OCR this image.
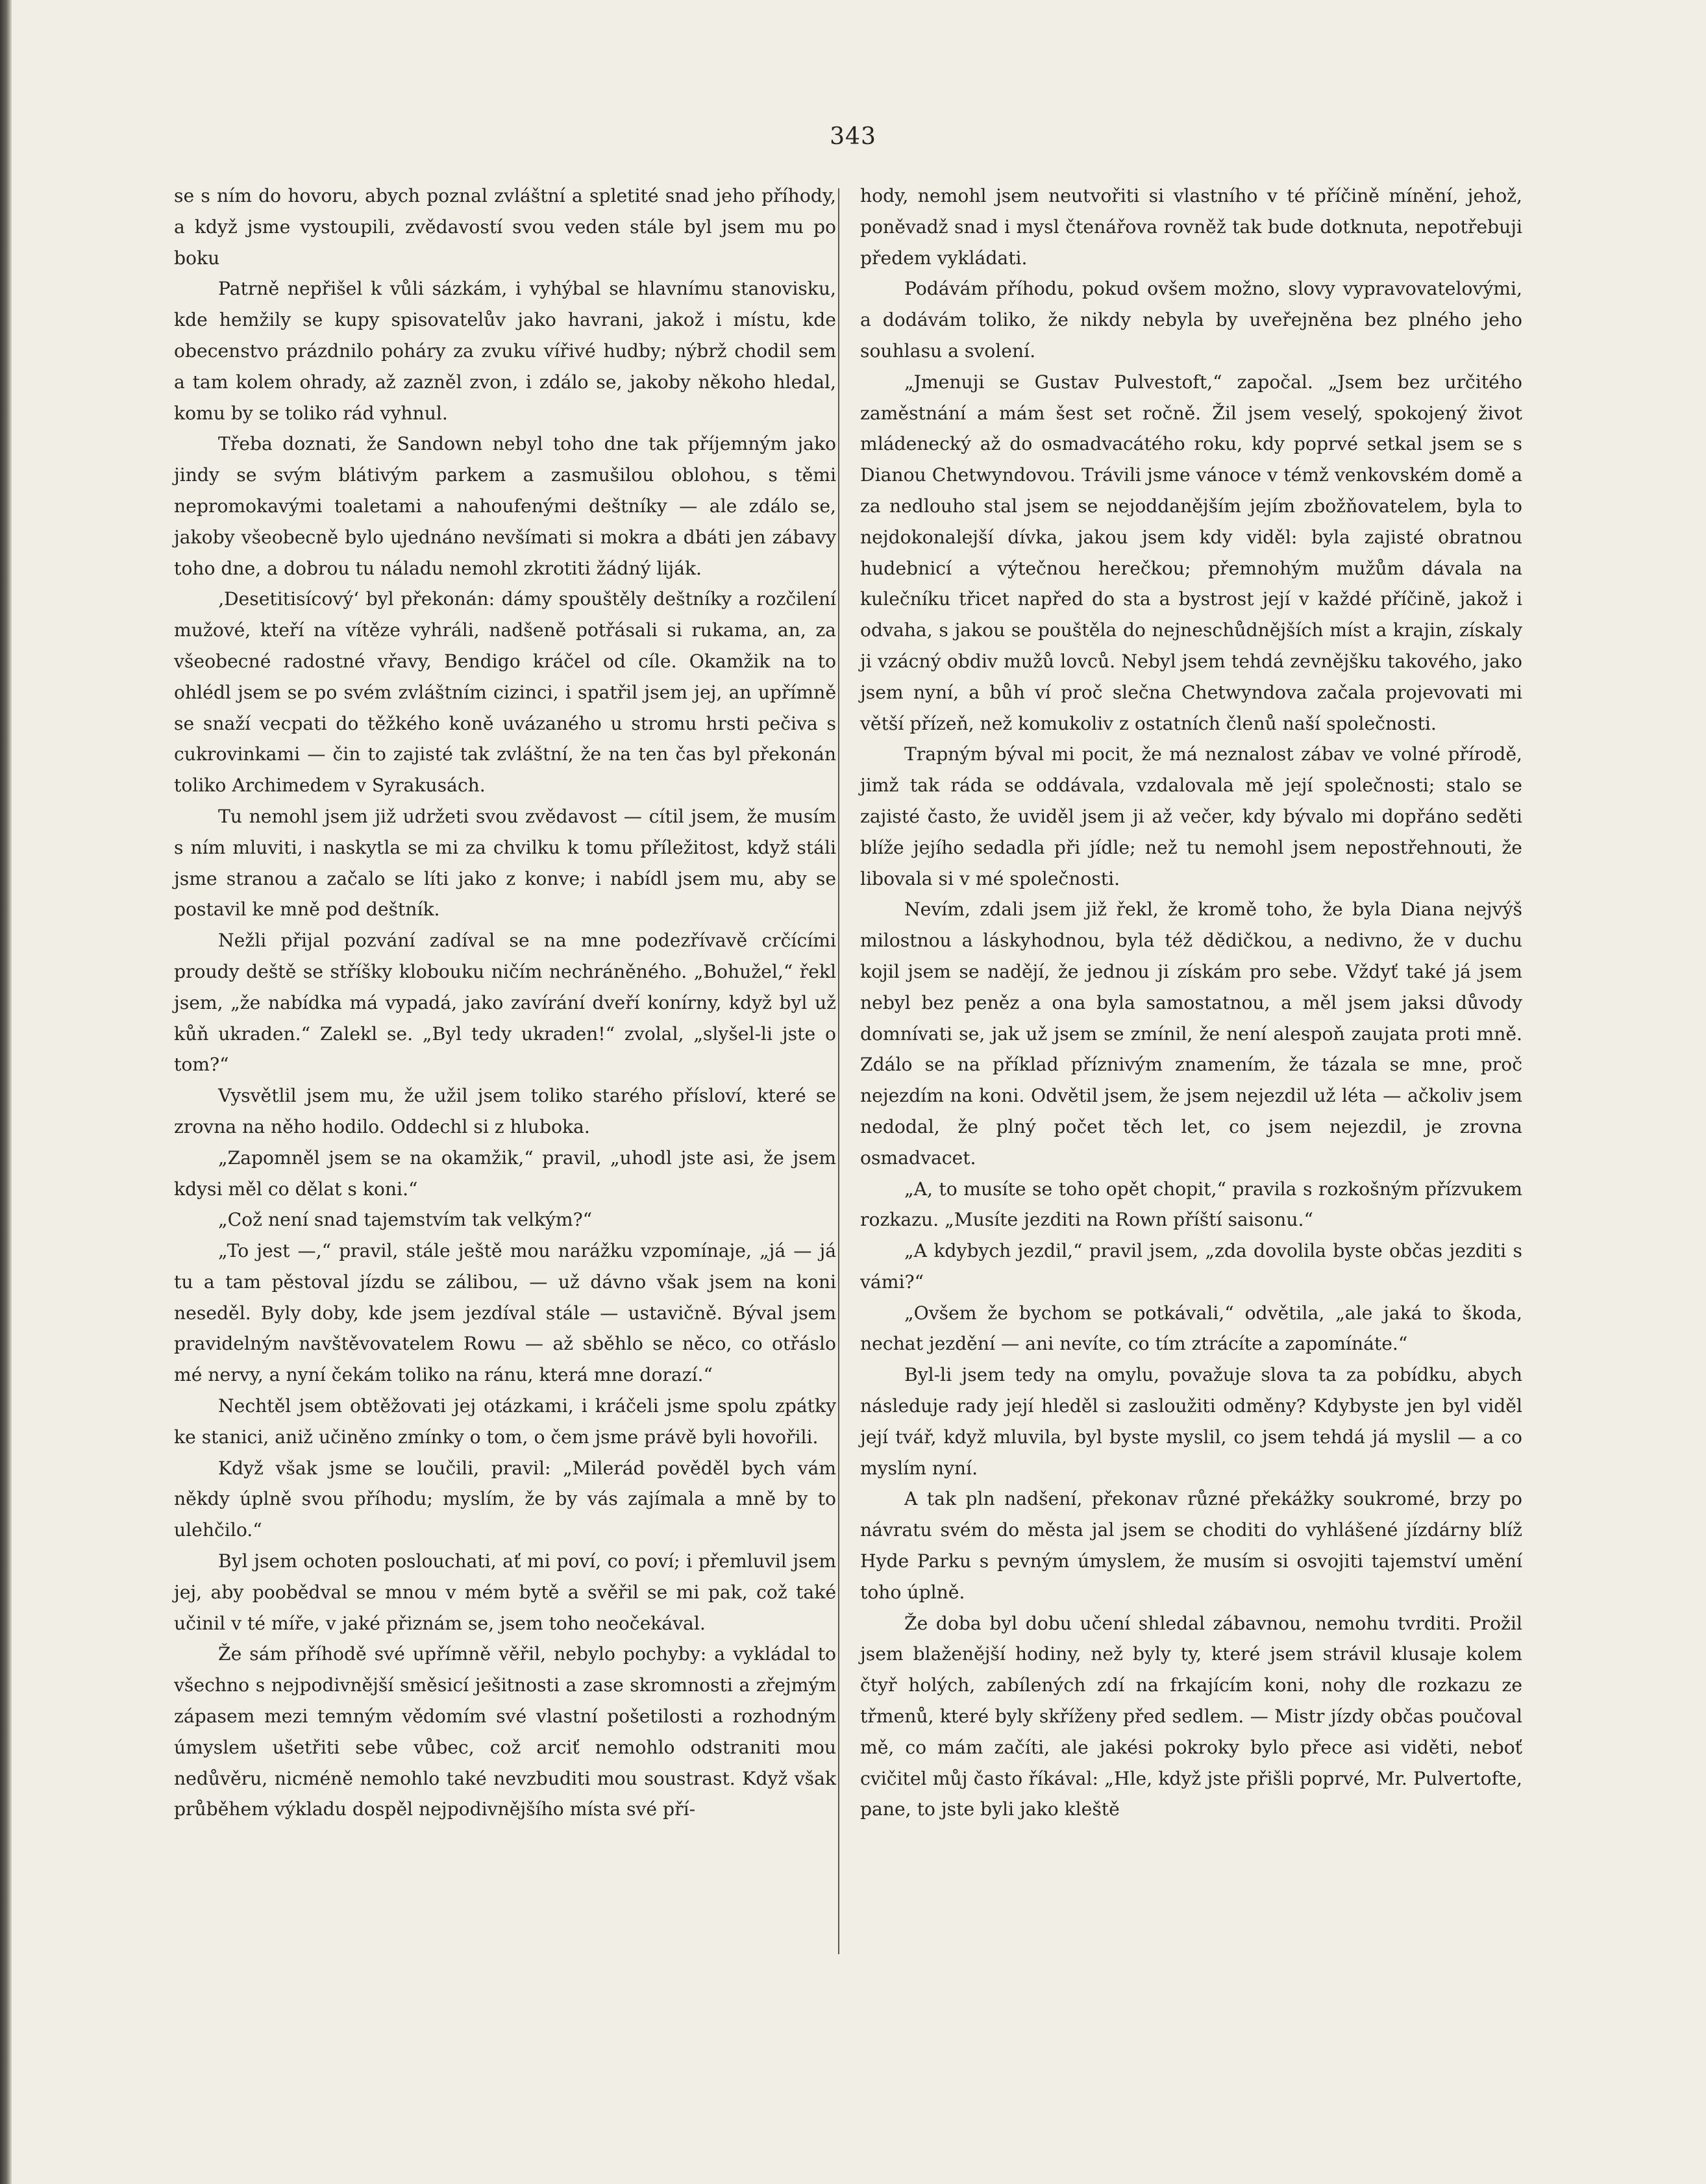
343

se s ním do hovoru, abych poznal zvláštní a spletité snad jeho příhody, a když jsme vystoupili, zvědavostí svou veden stále byl jsem mu po boku

Patrně nepřišel k vůli sázkám, i vyhýbal se hlavnímu stanovisku, kde hemžily se kupy spisovatelův jako havrani, jakož i místu, kde obecenstvo prázdnilo poháry za zvuku vířivé hudby; nýbrž chodil sem a tam kolem ohrady, až zazněl zvon, i zdálo se, jakoby někoho hledal, komu by se toliko rád vyhnul.

Třeba doznati, že Sandown nebyl toho dne tak příjemným jako jindy se svým blátivým parkem a zasmušilou oblohou, s těmi nepromokavými toaletami a nahoufenými deštníky — ale zdálo se, jakoby všeobecně bylo ujednáno nevšímati si mokra a dbáti jen zábavy toho dne, a dobrou tu náladu nemohl zkrotiti žádný liják.

‚Desetitisícový‘ byl překonán: dámy spouštěly deštníky a rozčilení mužové, kteří na vítěze vyhráli, nadšeně potřásali si rukama, an, za všeobecné radostné vřavy, Bendigo kráčel od cíle. Okamžik na to ohlédl jsem se po svém zvláštním cizinci, i spatřil jsem jej, an upřímně se snaží vecpati do těžkého koně uvázaného u stromu hrsti pečiva s cukrovinkami — čin to zajisté tak zvláštní, že na ten čas byl překonán toliko Archimedem v Syrakusách.

Tu nemohl jsem již udržeti svou zvědavost — cítil jsem, že musím s ním mluviti, i naskytla se mi za chvilku k tomu příležitost, když stáli jsme stranou a začalo se líti jako z konve; i nabídl jsem mu, aby se postavil ke mně pod deštník.

Nežli přijal pozvání zadíval se na mne podezřívavě crčícími proudy deště se stříšky klobouku ničím nechráněného. „Bohužel,“ řekl jsem, „že nabídka má vypadá, jako zavírání dveří konírny, když byl už kůň ukraden.“ Zalekl se. „Byl tedy ukraden!“ zvolal, „slyšel-li jste o tom?“

Vysvětlil jsem mu, že užil jsem toliko starého přísloví, které se zrovna na něho hodilo. Oddechl si z hluboka.

„Zapomněl jsem se na okamžik,“ pravil, „uhodl jste asi, že jsem kdysi měl co dělat s koni.“

„Což není snad tajemstvím tak velkým?“

„To jest —,“ pravil, stále ještě mou narážku vzpomínaje, „já — já tu a tam pěstoval jízdu se zálibou, — už dávno však jsem na koni neseděl. Byly doby, kde jsem jezdíval stále — ustavičně. Býval jsem pravidelným navštěvovatelem Rowu — až sběhlo se něco, co otřáslo mé nervy, a nyní čekám toliko na ránu, která mne dorazí.“

Nechtěl jsem obtěžovati jej otázkami, i kráčeli jsme spolu zpátky ke stanici, aniž učiněno zmínky o tom, o čem jsme právě byli hovořili.

Když však jsme se loučili, pravil: „Milerád pověděl bych vám někdy úplně svou příhodu; myslím, že by vás zajímala a mně by to ulehčilo.“

Byl jsem ochoten poslouchati, ať mi poví, co poví; i přemluvil jsem jej, aby poobědval se mnou v mém bytě a svěřil se mi pak, což také učinil v té míře, v jaké přiznám se, jsem toho neočekával.

Že sám příhodě své upřímně věřil, nebylo pochyby: a vykládal to všechno s nejpodivnější směsicí ješitnosti a zase skromnosti a zřejmým zápasem mezi temným vědomím své vlastní pošetilosti a rozhodným úmyslem ušetřiti sebe vůbec, což arciť nemohlo odstraniti mou nedůvěru, nicméně nemohlo také nevzbuditi mou soustrast. Když však průběhem výkladu dospěl nejpodivnějšího místa své pří-

hody, nemohl jsem neutvořiti si vlastního v té příčině mínění, jehož, poněvadž snad i mysl čtenářova rovněž tak bude dotknuta, nepotřebuji předem vykládati.

Podávám příhodu, pokud ovšem možno, slovy vypravovatelovými, a dodávám toliko, že nikdy nebyla by uveřejněna bez plného jeho souhlasu a svolení.

„Jmenuji se Gustav Pulvestoft,“ započal. „Jsem bez určitého zaměstnání a mám šest set ročně. Žil jsem veselý, spokojený život mládenecký až do osmadvacátého roku, kdy poprvé setkal jsem se s Dianou Chetwyndovou. Trávili jsme vánoce v témž venkovském domě a za nedlouho stal jsem se nejoddanějším jejím zbožňovatelem, byla to nejdokonalejší dívka, jakou jsem kdy viděl: byla zajisté obratnou hudebnicí a výtečnou herečkou; přemnohým mužům dávala na kulečníku třicet napřed do sta a bystrost její v každé příčině, jakož i odvaha, s jakou se pouštěla do nejneschůdnějších míst a krajin, získaly ji vzácný obdiv mužů lovců. Nebyl jsem tehdá zevnějšku takového, jako jsem nyní, a bůh ví proč slečna Chetwyndova začala projevovati mi větší přízeň, než komukoliv z ostatních členů naší společnosti.

Trapným býval mi pocit, že má neznalost zábav ve volné přírodě, jimž tak ráda se oddávala, vzdalovala mě její společnosti; stalo se zajisté často, že uviděl jsem ji až večer, kdy bývalo mi dopřáno seděti blíže jejího sedadla při jídle; než tu nemohl jsem nepostřehnouti, že libovala si v mé společnosti.

Nevím, zdali jsem již řekl, že kromě toho, že byla Diana nejvýš milostnou a láskyhodnou, byla též dědičkou, a nedivno, že v duchu kojil jsem se nadějí, že jednou ji získám pro sebe. Vždyť také já jsem nebyl bez peněz a ona byla samostatnou, a měl jsem jaksi důvody domnívati se, jak už jsem se zmínil, že není alespoň zaujata proti mně. Zdálo se na příklad příznivým znamením, že tázala se mne, proč nejezdím na koni. Odvětil jsem, že jsem nejezdil už léta — ačkoliv jsem nedodal, že plný počet těch let, co jsem nejezdil, je zrovna osmadvacet.

„A, to musíte se toho opět chopit,“ pravila s rozkošným přízvukem rozkazu. „Musíte jezditi na Rown příští saisonu.“

„A kdybych jezdil,“ pravil jsem, „zda dovolila byste občas jezditi s vámi?“

„Ovšem že bychom se potkávali,“ odvětila, „ale jaká to škoda, nechat jezdění — ani nevíte, co tím ztrácíte a zapomínáte.“

Byl-li jsem tedy na omylu, považuje slova ta za pobídku, abych následuje rady její hleděl si zasloužiti odměny? Kdybyste jen byl viděl její tvář, když mluvila, byl byste myslil, co jsem tehdá já myslil — a co myslím nyní.

A tak pln nadšení, překonav různé překážky soukromé, brzy po návratu svém do města jal jsem se choditi do vyhlášené jízdárny blíž Hyde Parku s pevným úmyslem, že musím si osvojiti tajemství umění toho úplně.

Že doba byl dobu učení shledal zábavnou, nemohu tvrditi. Prožil jsem blaženější hodiny, než byly ty, které jsem strávil klusaje kolem čtyř holých, zabílených zdí na frkajícím koni, nohy dle rozkazu ze třmenů, které byly skříženy před sedlem. — Mistr jízdy občas poučoval mě, co mám začíti, ale jakési pokroky bylo přece asi viděti, neboť cvičitel můj často říkával: „Hle, když jste přišli poprvé, Mr. Pulvertofte, pane, to jste byli jako kleště
